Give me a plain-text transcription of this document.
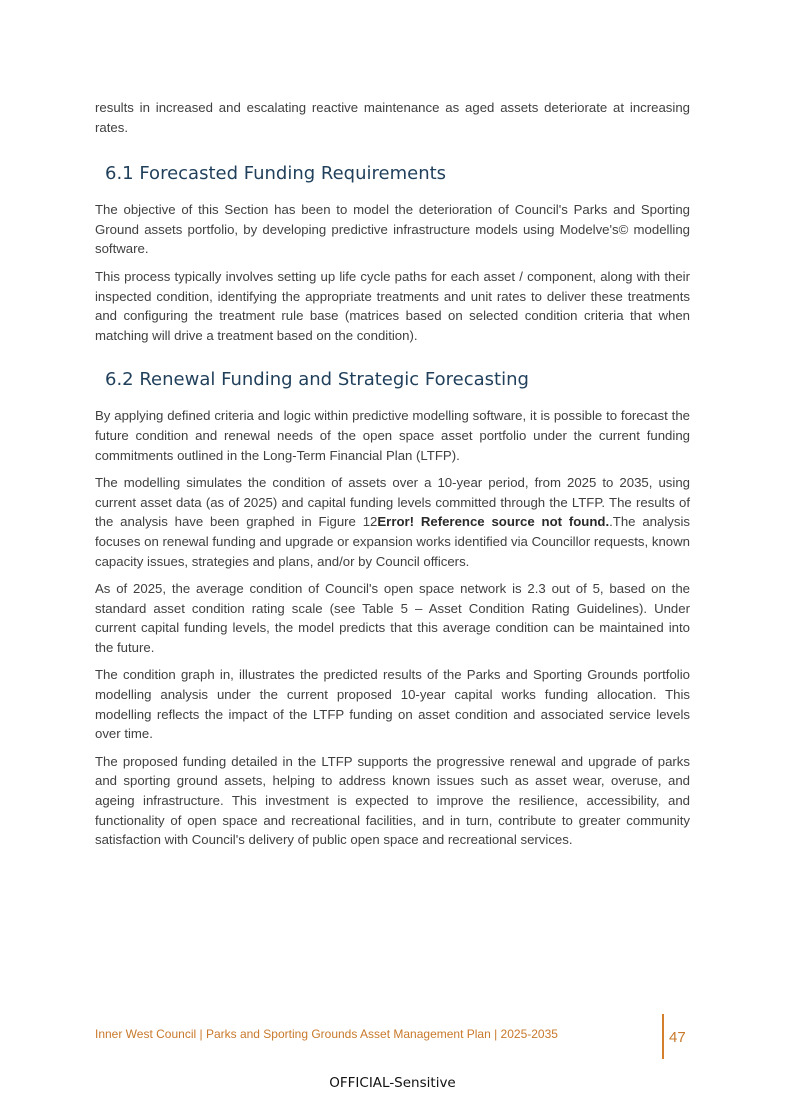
results in increased and escalating reactive maintenance as aged assets deteriorate at increasing rates.

6.1 Forecasted Funding Requirements

The objective of this Section has been to model the deterioration of Council's Parks and Sporting Ground assets portfolio, by developing predictive infrastructure models using Modelve's© modelling software.

This process typically involves setting up life cycle paths for each asset / component, along with their inspected condition, identifying the appropriate treatments and unit rates to deliver these treatments and configuring the treatment rule base (matrices based on selected condition criteria that when matching will drive a treatment based on the condition).

6.2 Renewal Funding and Strategic Forecasting

By applying defined criteria and logic within predictive modelling software, it is possible to forecast the future condition and renewal needs of the open space asset portfolio under the current funding commitments outlined in the Long-Term Financial Plan (LTFP).

The modelling simulates the condition of assets over a 10-year period, from 2025 to 2035, using current asset data (as of 2025) and capital funding levels committed through the LTFP. The results of the analysis have been graphed in Figure 12Error! Reference source not found..The analysis focuses on renewal funding and upgrade or expansion works identified via Councillor requests, known capacity issues, strategies and plans, and/or by Council officers.

As of 2025, the average condition of Council's open space network is 2.3 out of 5, based on the standard asset condition rating scale (see Table 5 – Asset Condition Rating Guidelines). Under current capital funding levels, the model predicts that this average condition can be maintained into the future.

The condition graph in, illustrates the predicted results of the Parks and Sporting Grounds portfolio modelling analysis under the current proposed 10-year capital works funding allocation. This modelling reflects the impact of the LTFP funding on asset condition and associated service levels over time.

The proposed funding detailed in the LTFP supports the progressive renewal and upgrade of parks and sporting ground assets, helping to address known issues such as asset wear, overuse, and ageing infrastructure. This investment is expected to improve the resilience, accessibility, and functionality of open space and recreational facilities, and in turn, contribute to greater community satisfaction with Council's delivery of public open space and recreational services.

Inner West Council | Parks and Sporting Grounds Asset Management Plan | 2025-2035	47
OFFICIAL-Sensitive
